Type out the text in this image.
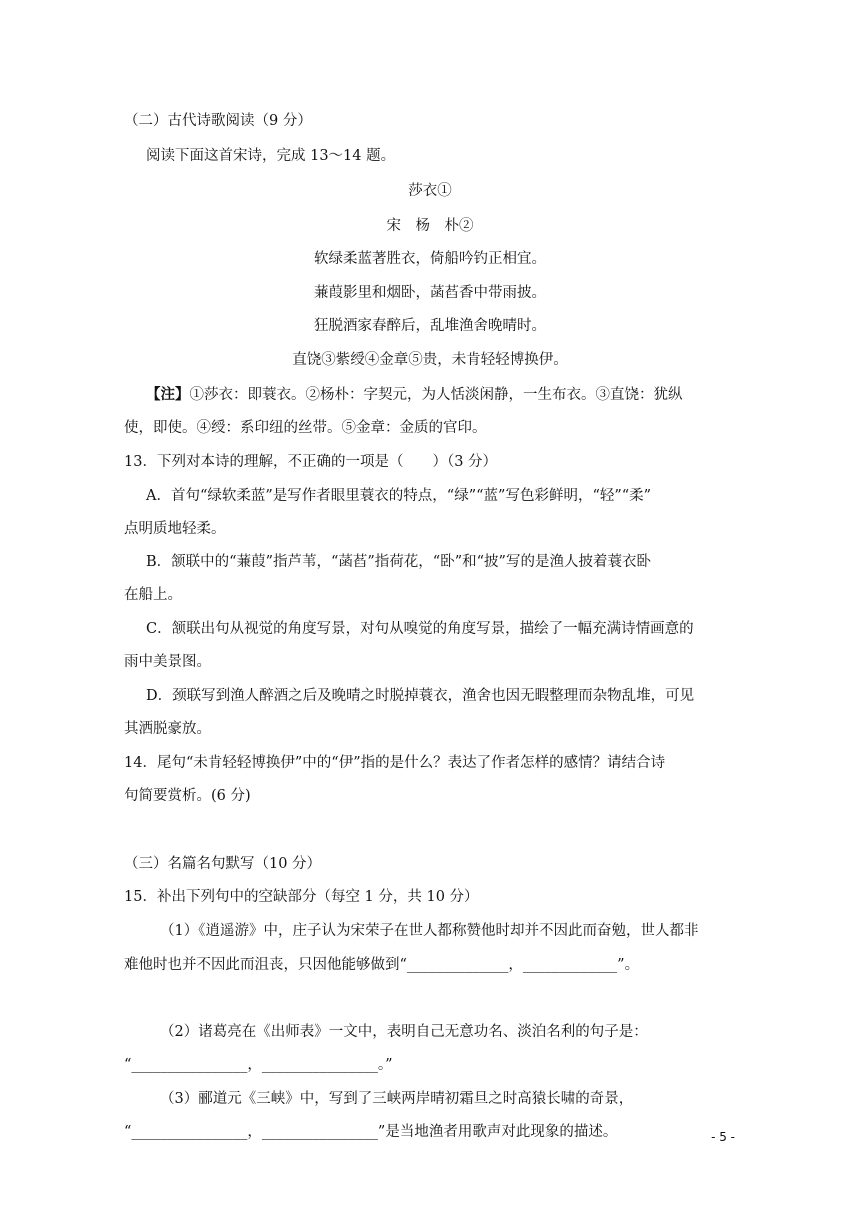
（二）古代诗歌阅读（9 分）
阅读下面这首宋诗，完成 13～14 题。
莎衣①
宋　杨　朴②
软绿柔蓝著胜衣，倚船吟钓正相宜。
蒹葭影里和烟卧，菡萏香中带雨披。
狂脱酒家春醉后，乱堆渔舍晚晴时。
直饶③紫绶④金章⑤贵，未肯轻轻博换伊。
【注】①莎衣：即蓑衣。②杨朴：字契元，为人恬淡闲静，一生布衣。③直饶：犹纵
使，即使。④绶：系印纽的丝带。⑤金章：金质的官印。
13．下列对本诗的理解，不正确的一项是（　　）（3 分）
A．首句“绿软柔蓝”是写作者眼里蓑衣的特点，“绿”“蓝”写色彩鲜明，“轻”“柔”
点明质地轻柔。
B．颔联中的“蒹葭”指芦苇，“菡萏”指荷花，“卧”和“披”写的是渔人披着蓑衣卧
在船上。
C．颔联出句从视觉的角度写景，对句从嗅觉的角度写景，描绘了一幅充满诗情画意的
雨中美景图。
D．颈联写到渔人醉酒之后及晚晴之时脱掉蓑衣，渔舍也因无暇整理而杂物乱堆，可见
其洒脱豪放。
14．尾句“未肯轻轻博换伊”中的“伊”指的是什么？表达了作者怎样的感情？请结合诗
句简要赏析。(6 分)
（三）名篇名句默写（10 分）
15．补出下列句中的空缺部分（每空 1 分，共 10 分）
（1）《逍遥游》中，庄子认为宋荣子在世人都称赞他时却并不因此而奋勉，世人都非
难他时也并不因此而沮丧，只因他能够做到“______________，_____________”。
（2）诸葛亮在《出师表》一文中，表明自己无意功名、淡泊名利的句子是：
“________________，________________。”
（3）郦道元《三峡》中，写到了三峡两岸晴初霜旦之时高猿长啸的奇景，
“________________，________________”是当地渔者用歌声对此现象的描述。	- 5 -
